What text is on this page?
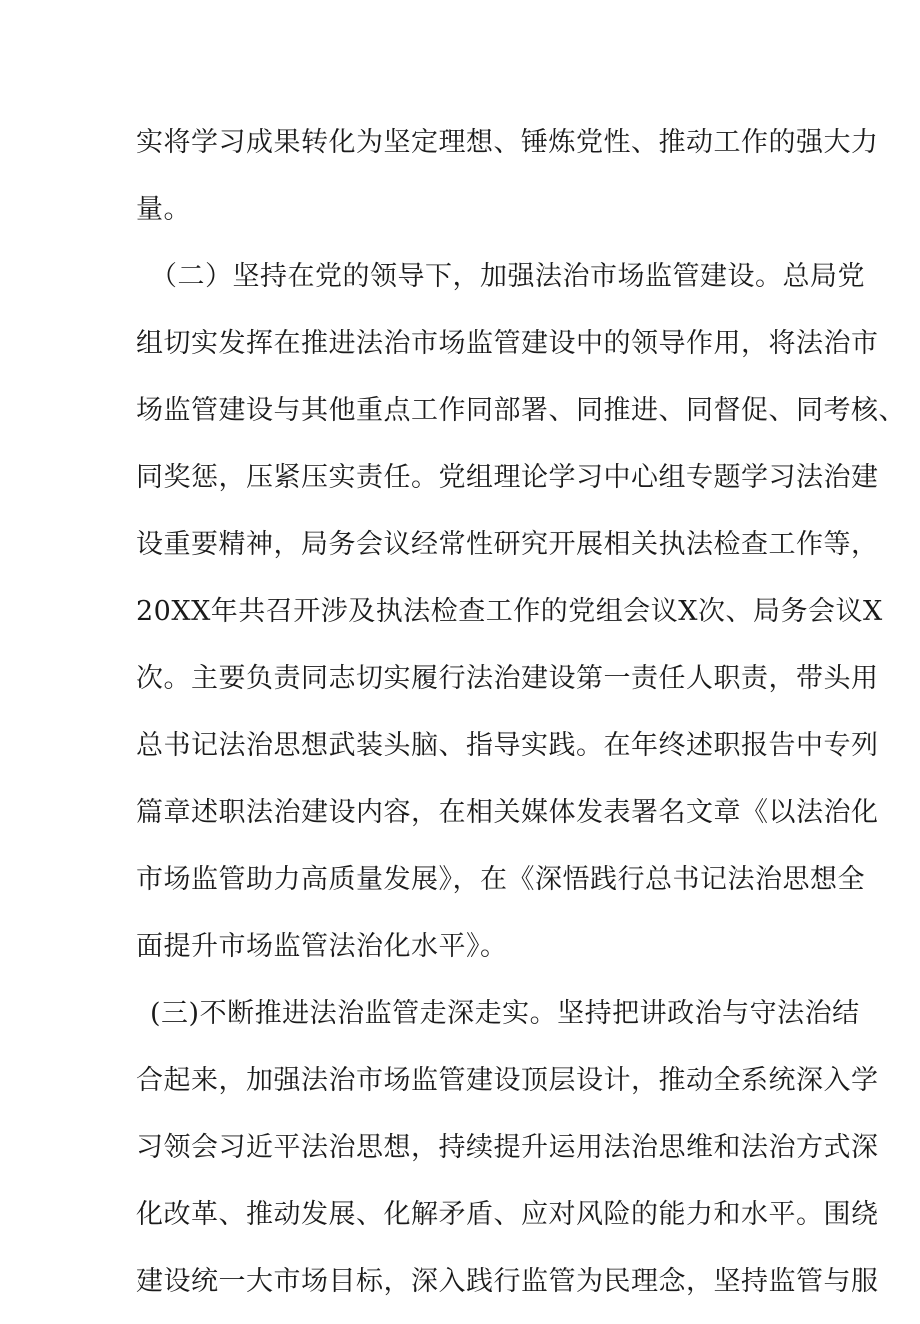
实将学习成果转化为坚定理想、锤炼党性、推动工作的强大力
量。
（二）坚持在党的领导下，加强法治市场监管建设。总局党
组切实发挥在推进法治市场监管建设中的领导作用，将法治市
场监管建设与其他重点工作同部署、同推进、同督促、同考核、
同奖惩，压紧压实责任。党组理论学习中心组专题学习法治建
设重要精神，局务会议经常性研究开展相关执法检查工作等，
20XX年共召开涉及执法检查工作的党组会议X次、局务会议X
次。主要负责同志切实履行法治建设第一责任人职责，带头用
总书记法治思想武装头脑、指导实践。在年终述职报告中专列
篇章述职法治建设内容，在相关媒体发表署名文章《以法治化
市场监管助力高质量发展》，在《深悟践行总书记法治思想全
面提升市场监管法治化水平》。
(三)不断推进法治监管走深走实。坚持把讲政治与守法治结
合起来，加强法治市场监管建设顶层设计，推动全系统深入学
习领会习近平法治思想，持续提升运用法治思维和法治方式深
化改革、推动发展、化解矛盾、应对风险的能力和水平。围绕
建设统一大市场目标，深入践行监管为民理念，坚持监管与服
